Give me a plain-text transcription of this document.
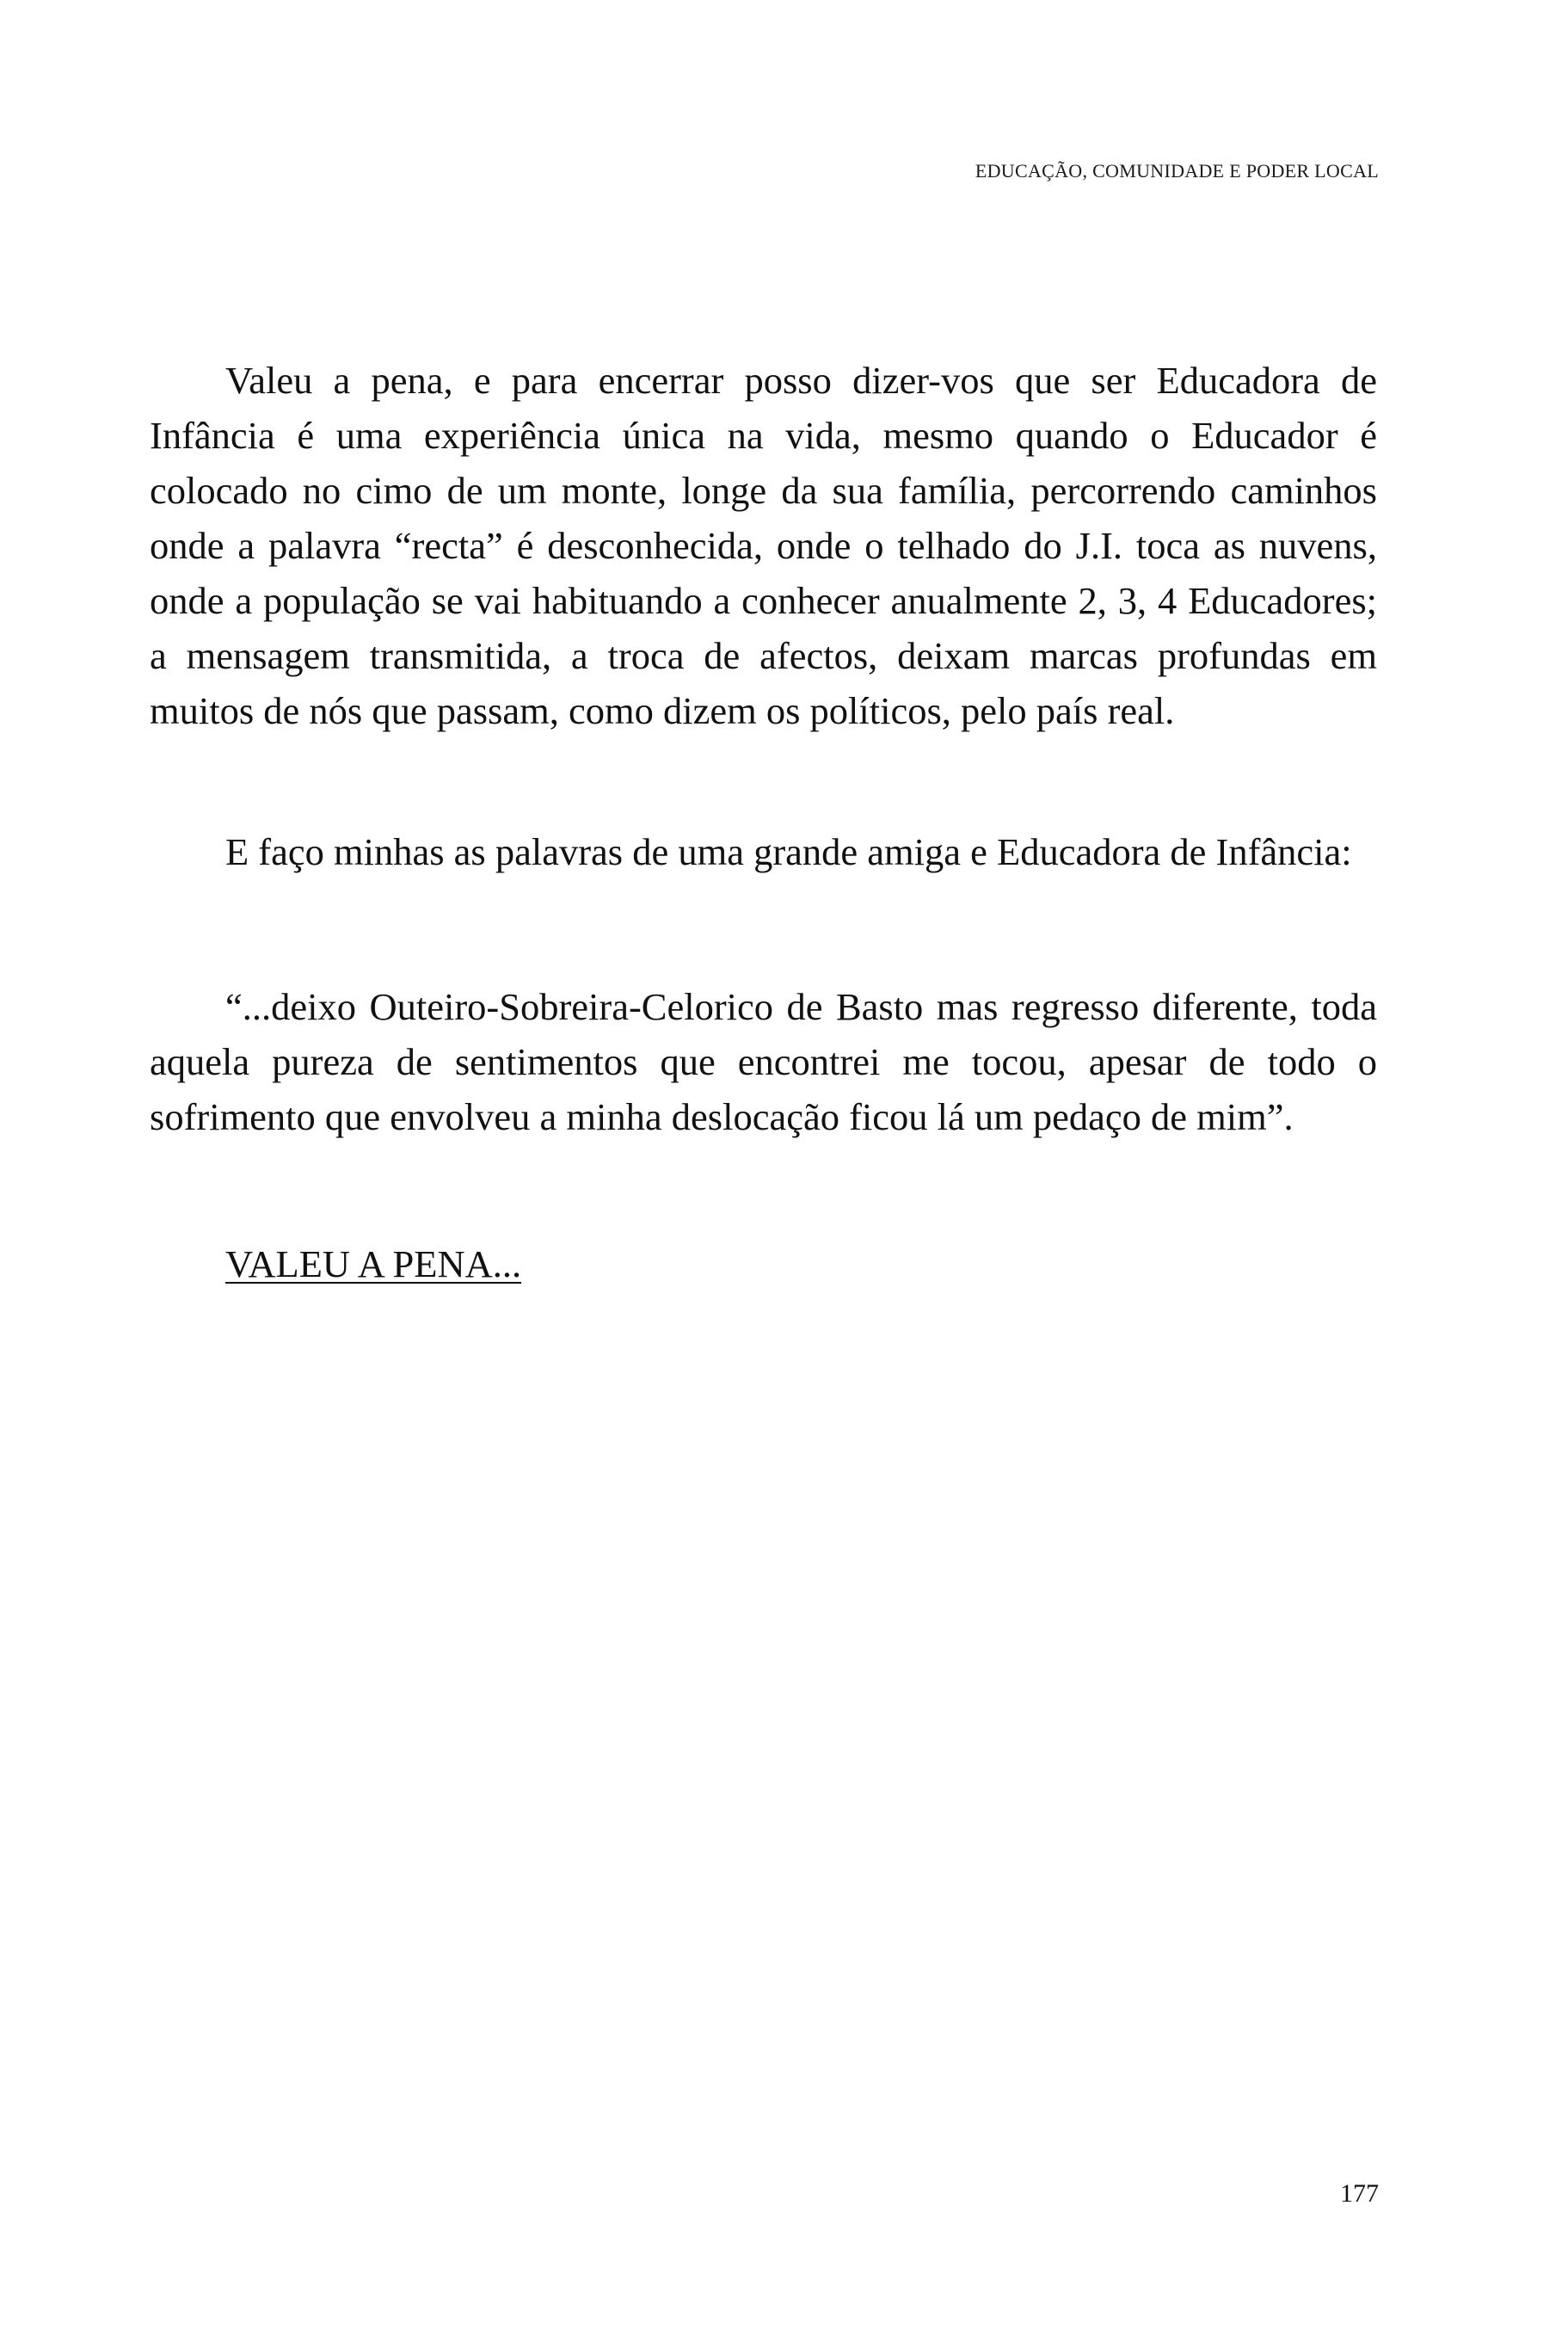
EDUCAÇÃO, COMUNIDADE E PODER LOCAL

Valeu a pena, e para encerrar posso dizer-vos que ser Educadora de Infância é uma experiência única na vida, mesmo quando o Educador é colocado no cimo de um monte, longe da sua família, percorrendo caminhos onde a palavra “recta” é desconhecida, onde o telhado do J.I. toca as nuvens, onde a população se vai habituando a conhecer anualmente 2, 3, 4 Educadores; a mensagem transmitida, a troca de afectos, deixam marcas profundas em muitos de nós que passam, como dizem os políticos, pelo país real.

E faço minhas as palavras de uma grande amiga e Educadora de Infância:

“...deixo Outeiro-Sobreira-Celorico de Basto mas regresso diferente, toda aquela pureza de sentimentos que encontrei me tocou, apesar de todo o sofrimento que envolveu a minha deslocação ficou lá um pedaço de mim”.

VALEU A PENA...
177
